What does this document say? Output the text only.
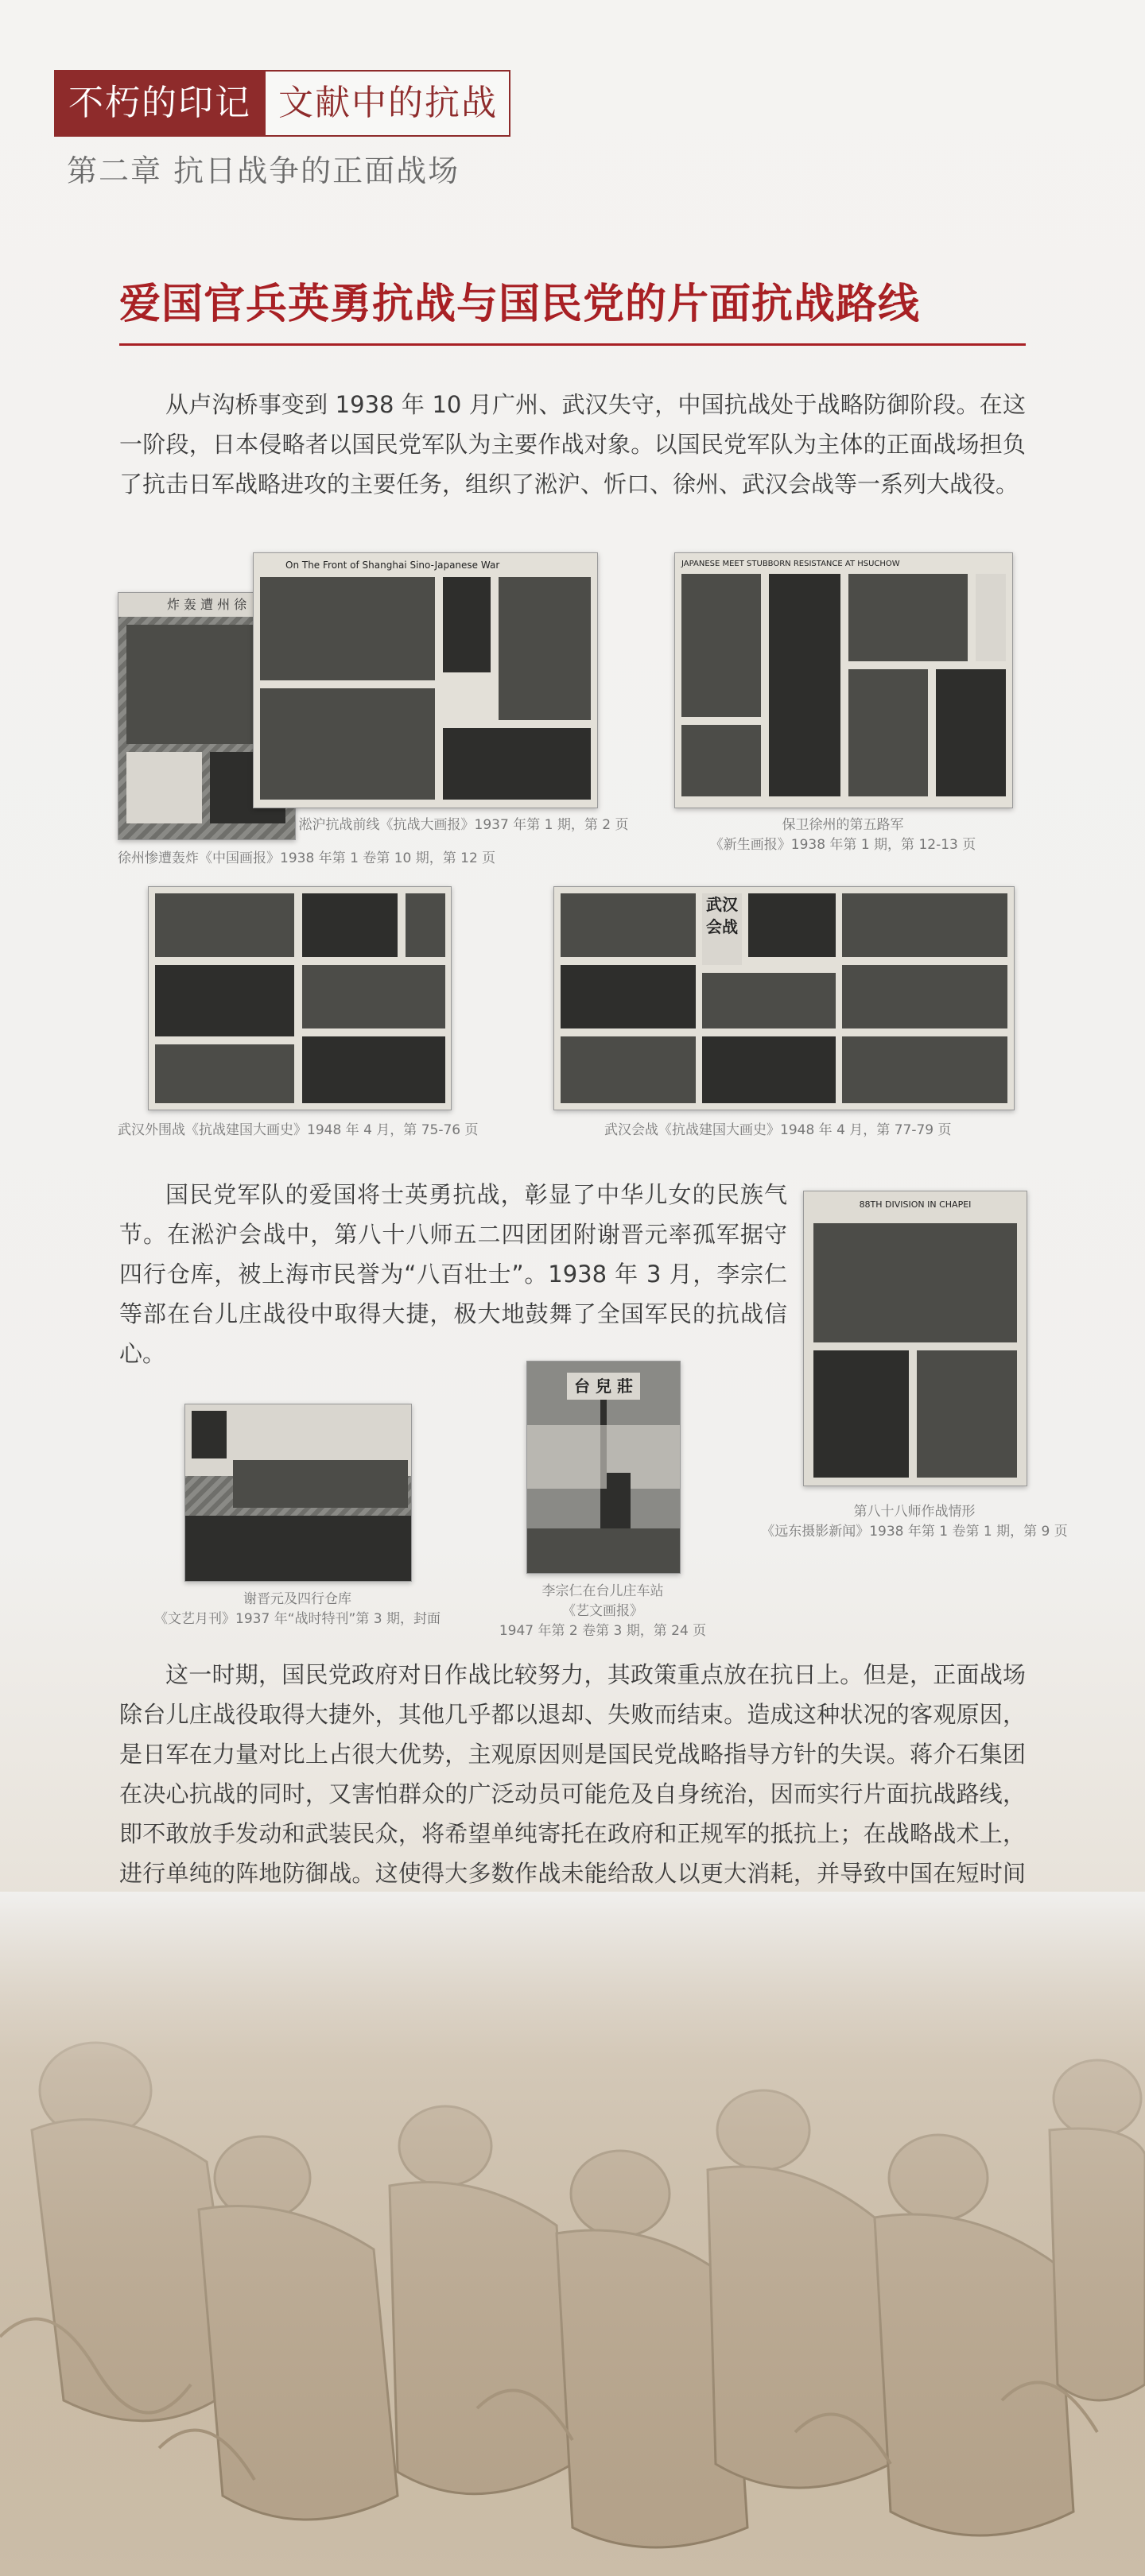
不朽的印记 文献中的抗战
第二章 抗日战争的正面战场
爱国官兵英勇抗战与国民党的片面抗战路线
从卢沟桥事变到 1938 年 10 月广州、武汉失守，中国抗战处于战略防御阶段。在这一阶段，日本侵略者以国民党军队为主要作战对象。以国民党军队为主体的正面战场担负了抗击日军战略进攻的主要任务，组织了淞沪、忻口、徐州、武汉会战等一系列大战役。
炸 轰 遭 州 徐
On The Front of Shanghai Sino-Japanese War
淞沪抗战前线《抗战大画报》1937 年第 1 期，第 2 页
徐州惨遭轰炸《中国画报》1938 年第 1 卷第 10 期，第 12 页
JAPANESE MEET STUBBORN RESISTANCE AT HSUCHOW
保卫徐州的第五路军
《新生画报》1938 年第 1 期，第 12-13 页
武汉外围战《抗战建国大画史》1948 年 4 月，第 75-76 页
武汉会战
武汉会战《抗战建国大画史》1948 年 4 月，第 77-79 页
国民党军队的爱国将士英勇抗战，彰显了中华儿女的民族气节。在淞沪会战中，第八十八师五二四团团附谢晋元率孤军据守四行仓库，被上海市民誉为“八百壮士”。1938 年 3 月，李宗仁等部在台儿庄战役中取得大捷，极大地鼓舞了全国军民的抗战信心。
88TH DIVISION IN CHAPEI
第八十八师作战情形
《远东摄影新闻》1938 年第 1 卷第 1 期，第 9 页
谢晋元及四行仓库
《文艺月刊》1937 年“战时特刊”第 3 期，封面
台 兒 莊
李宗仁在台儿庄车站
《艺文画报》
1947 年第 2 卷第 3 期，第 24 页
这一时期，国民党政府对日作战比较努力，其政策重点放在抗日上。但是，正面战场除台儿庄战役取得大捷外，其他几乎都以退却、失败而结束。造成这种状况的客观原因，是日军在力量对比上占很大优势，主观原因则是国民党战略指导方针的失误。蒋介石集团在决心抗战的同时，又害怕群众的广泛动员可能危及自身统治，因而实行片面抗战路线，即不敢放手发动和武装民众，将希望单纯寄托在政府和正规军的抵抗上；在战略战术上，进行单纯的阵地防御战。这使得大多数作战未能给敌人以更大消耗，并导致中国在短时间
